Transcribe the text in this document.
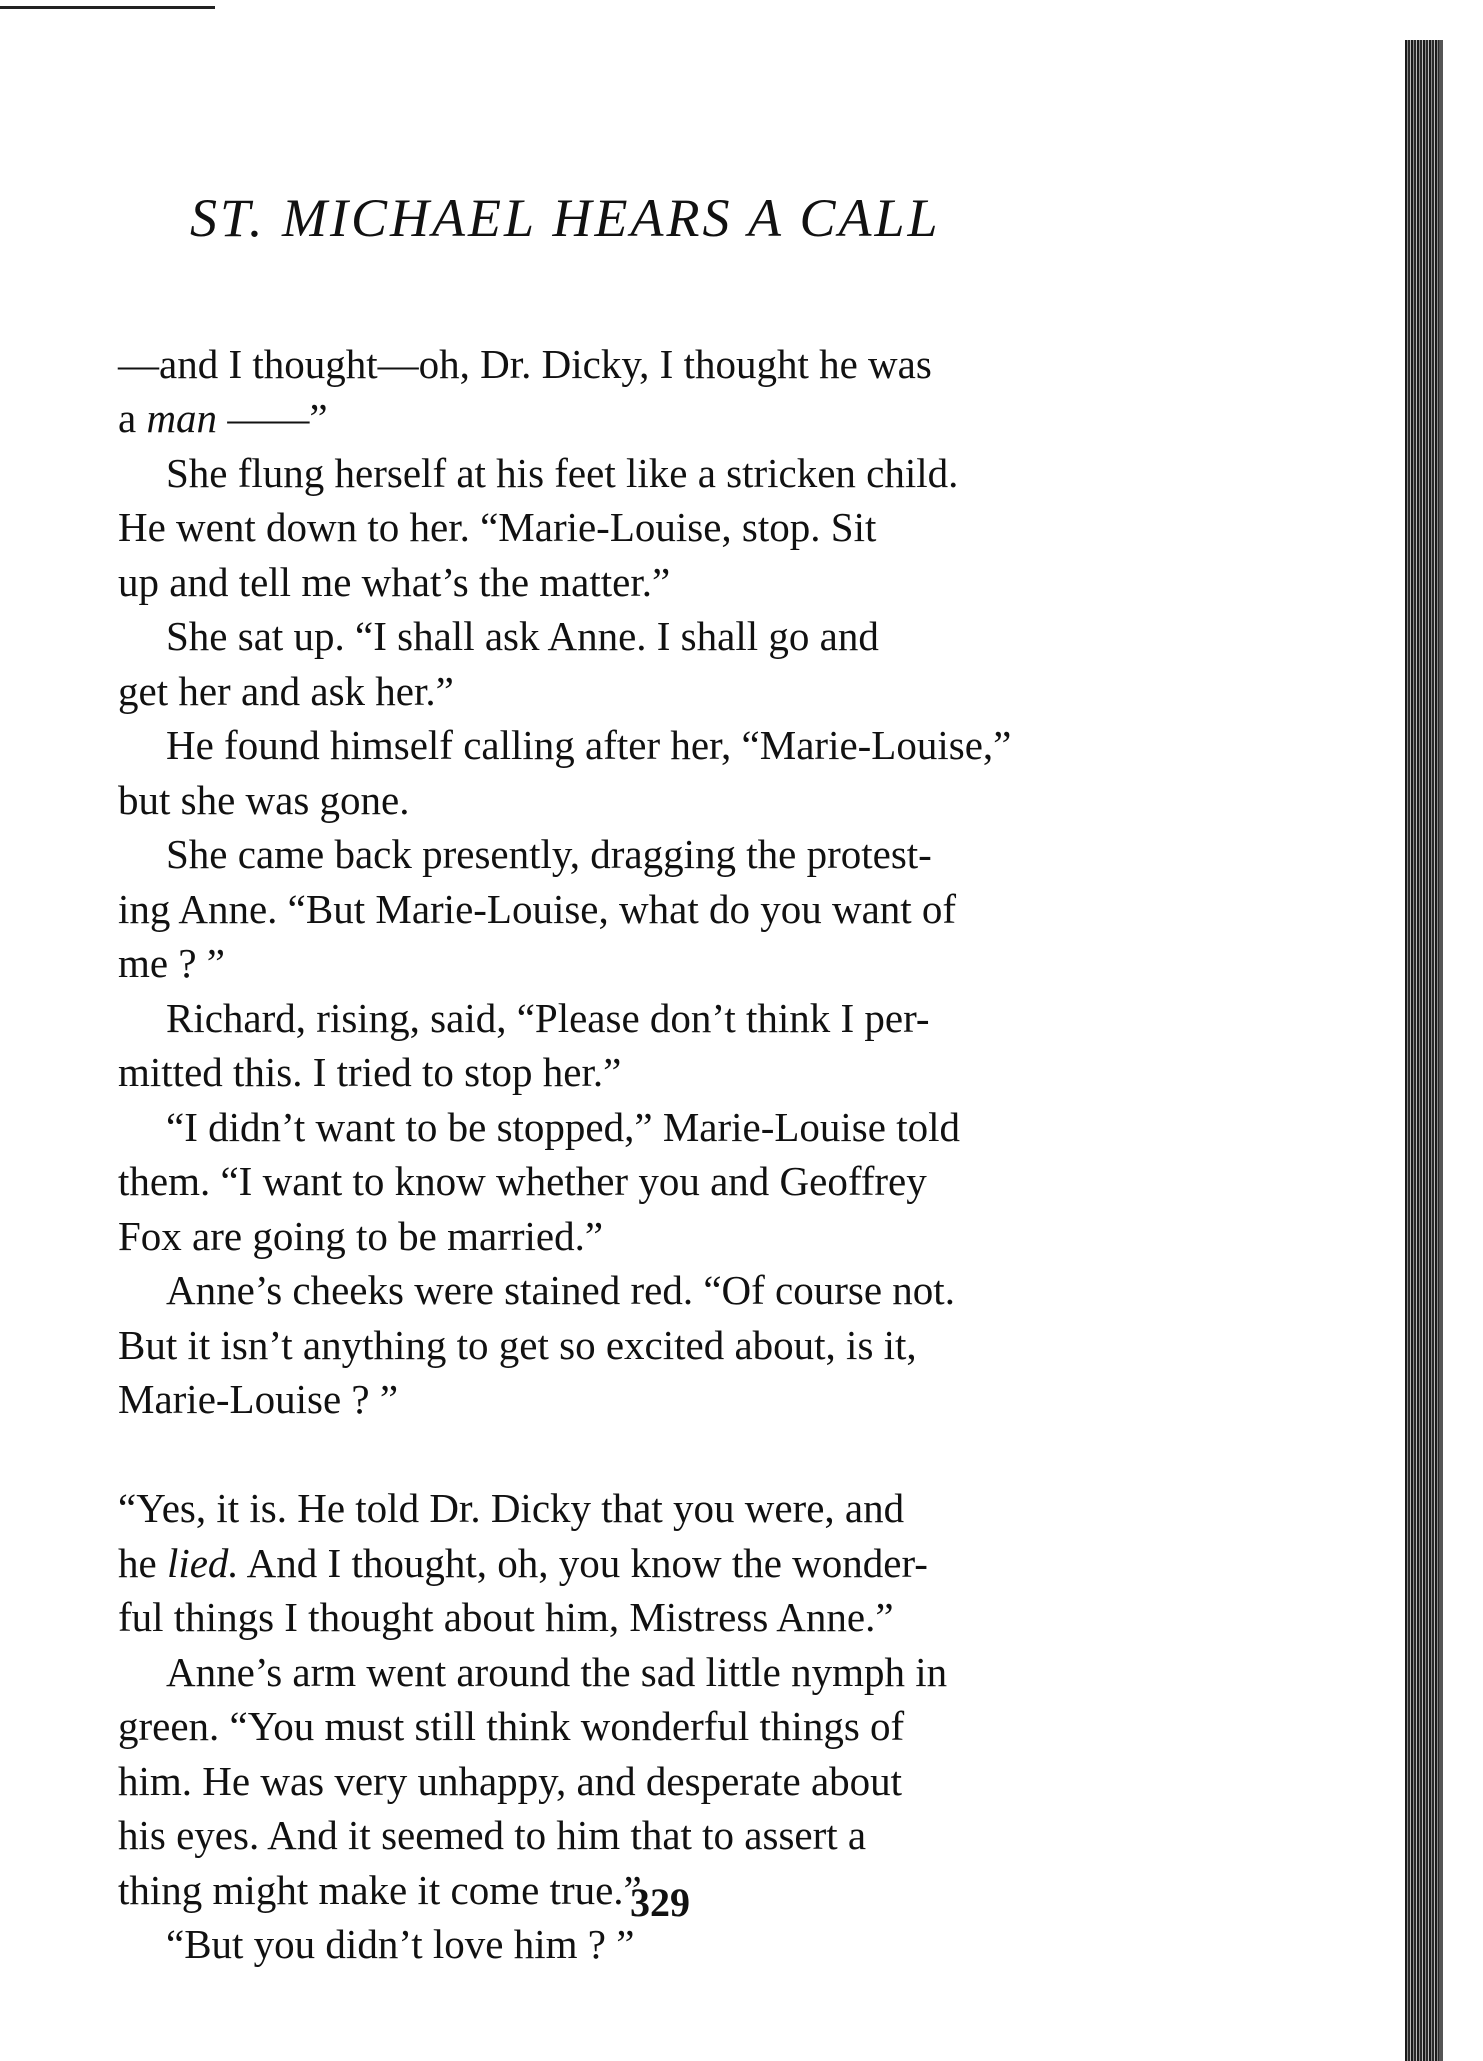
ST. MICHAEL HEARS A CALL

—and I thought—oh, Dr. Dicky, I thought he was
a man ——”

She flung herself at his feet like a stricken child.
He went down to her. “Marie-Louise, stop. Sit
up and tell me what’s the matter.”

She sat up. “I shall ask Anne. I shall go and
get her and ask her.”

He found himself calling after her, “Marie-Louise,”
but she was gone.

She came back presently, dragging the protest-
ing Anne. “But Marie-Louise, what do you want of
me ? ”

Richard, rising, said, “Please don’t think I per-
mitted this. I tried to stop her.”

“I didn’t want to be stopped,” Marie-Louise told
them. “I want to know whether you and Geoffrey
Fox are going to be married.”

Anne’s cheeks were stained red. “Of course not.
But it isn’t anything to get so excited about, is it,
Marie-Louise ? ”

“Yes, it is. He told Dr. Dicky that you were, and
he lied. And I thought, oh, you know the wonder-
ful things I thought about him, Mistress Anne.”

Anne’s arm went around the sad little nymph in
green. “You must still think wonderful things of
him. He was very unhappy, and desperate about
his eyes. And it seemed to him that to assert a
thing might make it come true.”

“But you didn’t love him ? ”

329
